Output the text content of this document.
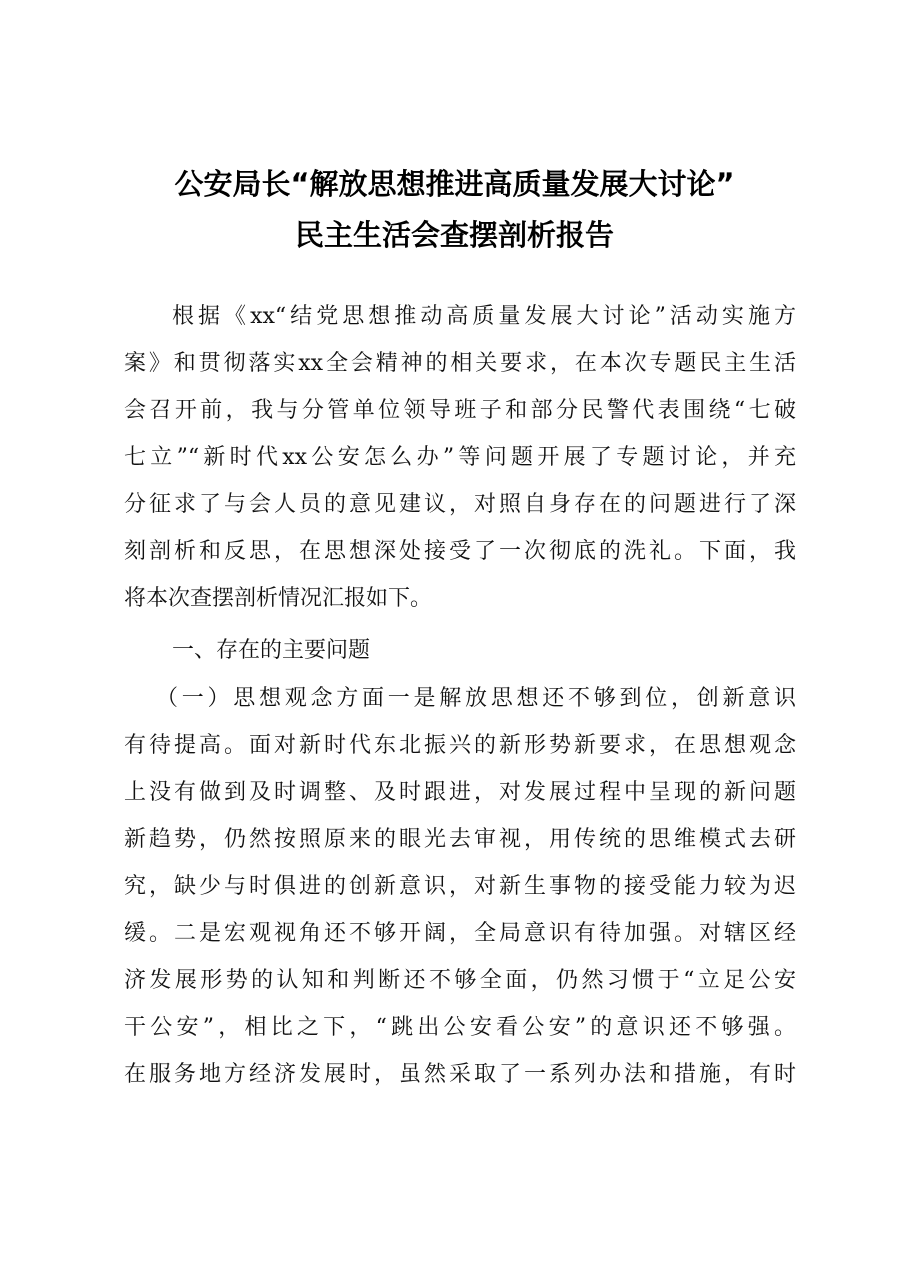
公安局长“解放思想推进高质量发展大讨论”
民主生活会查摆剖析报告
根据《xx“结党思想推动高质量发展大讨论”活动实施方
案》和贯彻落实xx全会精神的相关要求，在本次专题民主生活
会召开前，我与分管单位领导班子和部分民警代表围绕“七破
七立”“新时代xx公安怎么办”等问题开展了专题讨论，并充
分征求了与会人员的意见建议，对照自身存在的问题进行了深
刻剖析和反思，在思想深处接受了一次彻底的洗礼。下面，我
将本次查摆剖析情况汇报如下。
一、存在的主要问题
（一）思想观念方面一是解放思想还不够到位，创新意识
有待提高。面对新时代东北振兴的新形势新要求，在思想观念
上没有做到及时调整、及时跟进，对发展过程中呈现的新问题
新趋势，仍然按照原来的眼光去审视，用传统的思维模式去研
究，缺少与时俱进的创新意识，对新生事物的接受能力较为迟
缓。二是宏观视角还不够开阔，全局意识有待加强。对辖区经
济发展形势的认知和判断还不够全面，仍然习惯于“立足公安
干公安”，相比之下，“跳出公安看公安”的意识还不够强。
在服务地方经济发展时，虽然采取了一系列办法和措施，有时
